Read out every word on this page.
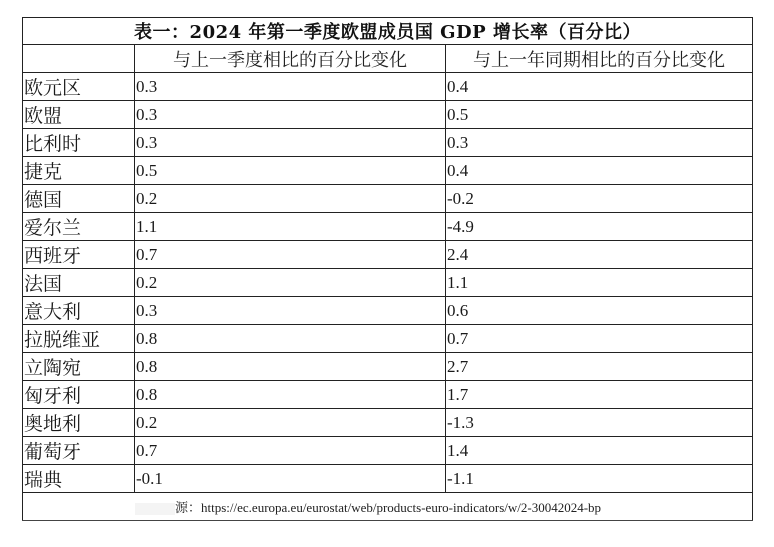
表一：2024 年第一季度欧盟成员国 GDP 增长率（百分比）		
	与上一季度相比的百分比变化	与上一年同期相比的百分比变化
欧元区	0.3	0.4
欧盟	0.3	0.5
比利时	0.3	0.3
捷克	0.5	0.4
德国	0.2	-0.2
爱尔兰	1.1	-4.9
西班牙	0.7	2.4
法国	0.2	1.1
意大利	0.3	0.6
拉脱维亚	0.8	0.7
立陶宛	0.8	2.7
匈牙利	0.8	1.7
奥地利	0.2	-1.3
葡萄牙	0.7	1.4
瑞典	-0.1	-1.1
源：https://ec.europa.eu/eurostat/web/products-euro-indicators/w/2-30042024-bp		
